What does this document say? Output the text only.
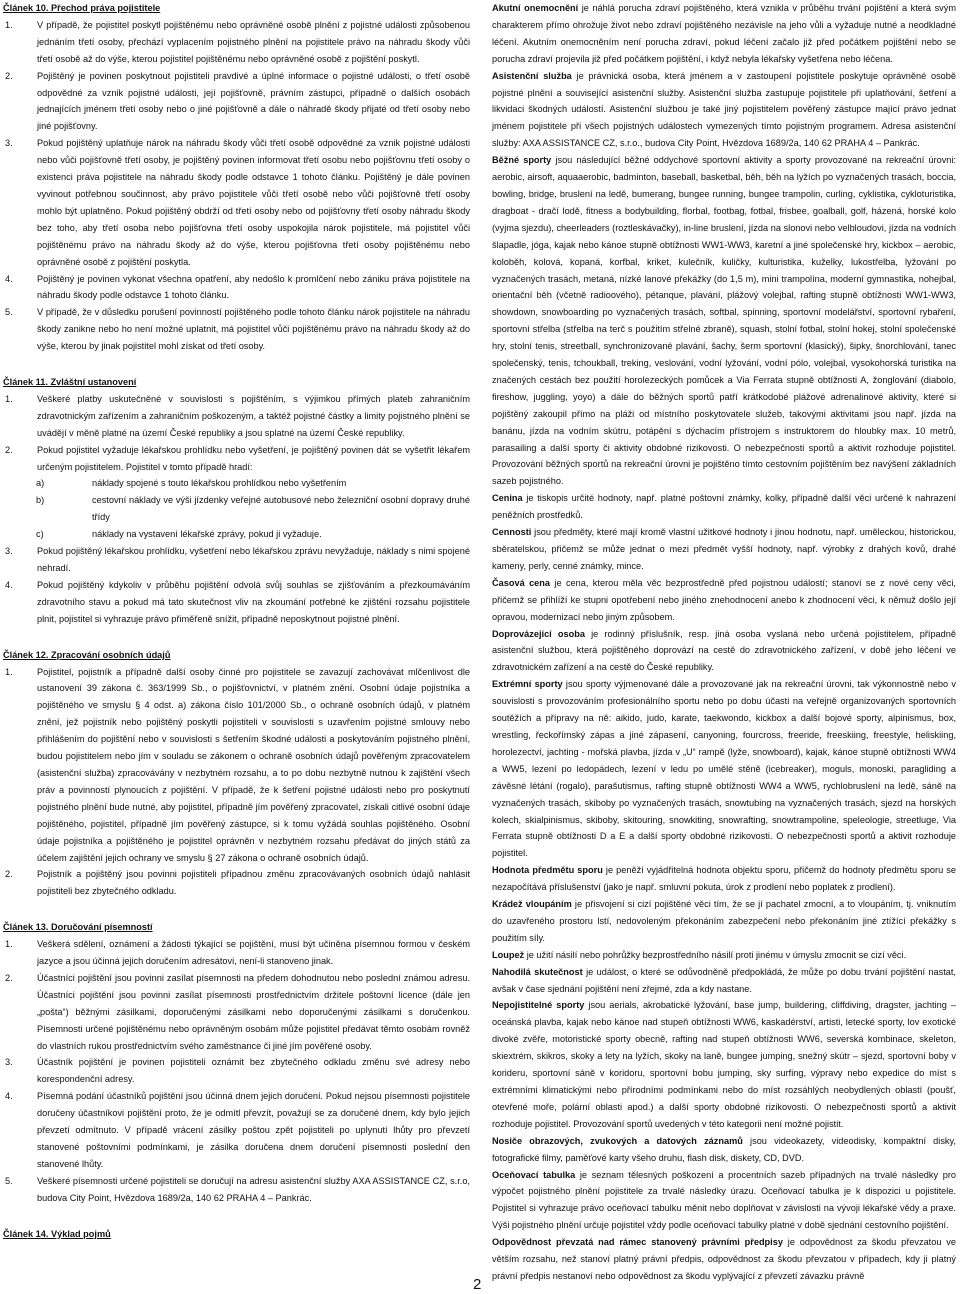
Článek 10. Přechod práva pojistitele
1.	V případě, že pojistitel poskytl pojištěnému nebo oprávněné osobě plnění z pojistné události způsobenou jednáním třetí osoby, přechází vyplacením pojistného plnění na pojistitele právo na náhradu škody vůči třetí osobě až do výše, kterou pojistitel pojištěnému nebo oprávněné osobě z pojištění poskytl.
2.	Pojištěný je povinen poskytnout pojistiteli pravdivé a úplné informace o pojistné události, o třetí osobě odpovědné za vznik pojistné události, její pojišťovně, právním zástupci, případně o dalších osobách jednajících jménem třetí osoby nebo o jiné pojišťovně a dále o náhradě škody přijaté od třetí osoby nebo jiné pojišťovny.
3.	Pokud pojištěný uplatňuje nárok na náhradu škody vůči třetí osobě odpovědné za vznik pojistné události nebo vůči pojišťovně třetí osoby, je pojištěný povinen informovat třetí osobu nebo pojišťovnu třetí osoby o existenci práva pojistitele na náhradu škody podle odstavce 1 tohoto článku. Pojištěný je dále povinen vyvinout potřebnou součinnost, aby právo pojistitele vůči třetí osobě nebo vůči pojišťovně třetí osoby mohlo být uplatněno. Pokud pojištěný obdrží od třetí osoby nebo od pojišťovny třetí osoby náhradu škody bez toho, aby třetí osoba nebo pojišťovna třetí osoby uspokojila nárok pojistitele, má pojistitel vůči pojištěnému právo na náhradu škody až do výše, kterou pojišťovna třetí osoby pojištěnému nebo oprávněné osobě z pojištění poskytla.
4.	Pojištěný je povinen vykonat všechna opatření, aby nedošlo k promlčení nebo zániku práva pojistitele na náhradu škody podle odstavce 1 tohoto článku.
5.	V případě, že v důsledku porušení povinností pojištěného podle tohoto článku nárok pojistitele na náhradu škody zanikne nebo ho není možné uplatnit, má pojistitel vůči pojištěnému právo na náhradu škody až do výše, kterou by jinak pojistitel mohl získat od třetí osoby.
Článek 11. Zvláštní ustanovení
1.	Veškeré platby uskutečněné v souvislosti s pojištěním, s výjimkou přímých plateb zahraničním zdravotnickým zařízením a zahraničním poškozeným, a taktéž pojistné částky a limity pojistného plnění se uvádějí v měně platné na území České republiky a jsou splatné na území České republiky.
2.	Pokud pojistitel vyžaduje lékařskou prohlídku nebo vyšetření, je pojištěný povinen dát se vyšetřit lékařem určeným pojistitelem. Pojistitel v tomto případě hradí:
a)	náklady spojené s touto lékařskou prohlídkou nebo vyšetřením
b)	cestovní náklady ve výši jízdenky veřejné autobusové nebo železniční osobní dopravy druhé třídy
c)	náklady na vystavení lékařské zprávy, pokud ji vyžaduje.
3.	Pokud pojištěný lékařskou prohlídku, vyšetření nebo lékařskou zprávu nevyžaduje, náklady s nimi spojené nehradí.
4.	Pokud pojištěný kdykoliv v průběhu pojištění odvolá svůj souhlas se zjišťováním a přezkoumáváním zdravotního stavu a pokud má tato skutečnost vliv na zkoumání potřebné ke zjištění rozsahu pojistitele plnit, pojistitel si vyhrazuje právo přiměřeně snížit, případně neposkytnout pojistné plnění.
Článek 12. Zpracování osobních údajů
1.	Pojistitel, pojistník a případně další osoby činné pro pojistitele se zavazují zachovávat mlčenlivost dle ustanovení 39 zákona č. 363/1999 Sb., o pojišťovnictví, v platném znění. Osobní údaje pojistníka a pojištěného ve smyslu § 4 odst. a) zákona číslo 101/2000 Sb., o ochraně osobních údajů, v platném znění, jež pojistník nebo pojištěný poskytli pojistiteli v souvislosti s uzavřením pojistné smlouvy nebo přihlášením do pojištění nebo v souvislosti s šetřením škodné události a poskytováním pojistného plnění, budou pojistitelem nebo jím v souladu se zákonem o ochraně osobních údajů pověřeným zpracovatelem (asistenční služba) zpracovávány v nezbytném rozsahu, a to po dobu nezbytně nutnou k zajištění všech práv a povinností plynoucích z pojištění. V případě, že k šetření pojistné události nebo pro poskytnutí pojistného plnění bude nutné, aby pojistitel, případně jím pověřený zpracovatel, získali citlivé osobní údaje pojištěného, pojistitel, případně jím pověřený zástupce, si k tomu vyžádá souhlas pojištěného. Osobní údaje pojistníka a pojištěného je pojistitel oprávněn v nezbytném rozsahu předávat do jiných států za účelem zajištění jejich ochrany ve smyslu § 27 zákona o ochraně osobních údajů.
2.	Pojistník a pojištěný jsou povinni pojistiteli případnou změnu zpracovávaných osobních údajů nahlásit pojistiteli bez zbytečného odkladu.
Článek 13. Doručování písemností
1.	Veškerá sdělení, oznámení a žádosti týkající se pojištění, musí být učiněna písemnou formou v českém jazyce a jsou účinná jejich doručením adresátovi, není-li stanoveno jinak.
2.	Účastníci pojištění jsou povinni zasílat písemnosti na předem dohodnutou nebo poslední známou adresu. Účastníci pojištění jsou povinni zasílat písemnosti prostřednictvím držitele poštovní licence (dále jen „pošta“) běžnými zásilkami, doporučenými zásilkami nebo doporučenými zásilkami s doručenkou. Písemnosti určené pojištěnému nebo oprávněným osobám může pojistitel předávat těmto osobám rovněž do vlastních rukou prostřednictvím svého zaměstnance či jiné jím pověřené osoby.
3.	Účastník pojištění je povinen pojistiteli oznámit bez zbytečného odkladu změnu své adresy nebo korespondenční adresy.
4.	Písemná podání účastníků pojištění jsou účinná dnem jejich doručení. Pokud nejsou písemnosti pojistitele doručeny účastníkovi pojištění proto, že je odmítl převzít, považují se za doručené dnem, kdy bylo jejich převzetí odmítnuto. V případě vrácení zásilky poštou zpět pojistiteli po uplynutí lhůty pro převzetí stanovené poštovními podmínkami, je zásilka doručena dnem doručení písemnosti poslední den stanovené lhůty.
5.	Veškeré písemnosti určené pojistiteli se doručují na adresu asistenční služby AXA ASSISTANCE CZ, s.r.o, budova City Point, Hvězdova 1689/2a, 140 62 PRAHA 4 – Pankrác.
Článek 14. Výklad pojmů
Akutní onemocnění je náhlá porucha zdraví pojištěného, která vznikla v průběhu trvání pojištění a která svým charakterem přímo ohrožuje život nebo zdraví pojištěného nezávisle na jeho vůli a vyžaduje nutné a neodkladné léčení. Akutním onemocněním není porucha zdraví, pokud léčení začalo již před počátkem pojištění nebo se porucha zdraví projevila již před počátkem pojištění, i když nebyla lékařsky vyšetřena nebo léčena.
Asistenční služba je právnická osoba, která jménem a v zastoupení pojistitele poskytuje oprávněné osobě pojistné plnění a související asistenční služby. Asistenční služba zastupuje pojistitele při uplatňování, šetření a likvidaci škodných událostí. Asistenční službou je také jiný pojistitelem pověřený zástupce mající právo jednat jménem pojistitele při všech pojistných událostech vymezených tímto pojistným programem. Adresa asistenční služby: AXA ASSISTANCE CZ, s.r.o., budova City Point, Hvězdova 1689/2a, 140 62 PRAHA 4 – Pankrác.
Běžné sporty jsou následující běžné oddychové sportovní aktivity a sporty provozované na rekreační úrovni: aerobic, airsoft, aquaaerobic, badminton, baseball, basketbal, běh, běh na lyžích po vyznačených trasách, boccia, bowling, bridge, bruslení na ledě, bumerang, bungee running, bungee trampolin, curling, cyklistika, cykloturistika, dragboat - dračí lodě, fitness a bodybuilding, florbal, footbag, fotbal, frisbee, goalball, golf, házená, horské kolo (vyjma sjezdu), cheerleaders (roztleskávačky), in-line bruslení, jízda na slonovi nebo velbloudovi, jízda na vodních šlapadle, jóga, kajak nebo kánoe stupně obtížnosti WW1-WW3, karetní a jiné společenské hry, kickbox – aerobic, koloběh, kolová, kopaná, korfbal, kriket, kulečník, kuličky, kulturistika, kuželky, lukostřelba, lyžování po vyznačených trasách, metaná, nízké lanové překážky (do 1,5 m), mini trampolína, moderní gymnastika, nohejbal, orientační běh (včetně radioového), pétanque, plavání, plážový volejbal, rafting stupně obtížnosti WW1-WW3, showdown, snowboarding po vyznačených trasách, softbal, spinning, sportovní modelářství, sportovní rybaření, sportovní střelba (střelba na terč s použitím střelné zbraně), squash, stolní fotbal, stolní hokej, stolní společenské hry, stolní tenis, streetball, synchronizované plavání, šachy, šerm sportovní (klasický), šipky, šnorchlování, tanec společenský, tenis, tchoukball, treking, veslování, vodní lyžování, vodní pólo, volejbal, vysokohorská turistika na značených cestách bez použití horolezeckých pomůcek a Via Ferrata stupně obtížnosti A, žonglování (diabolo, fireshow, juggling, yoyo) a dále do běžných sportů patří krátkodobé plážové adrenalinové aktivity, které si pojištěný zakoupil přímo na pláži od místního poskytovatele služeb, takovými aktivitami jsou např. jízda na banánu, jízda na vodním skútru, potápění s dýchacím přístrojem s instruktorem do hloubky max. 10 metrů, parasailing a další sporty či aktivity obdobné rizikovosti. O nebezpečnosti sportů a aktivit rozhoduje pojistitel. Provozování běžných sportů na rekreační úrovni je pojištěno tímto cestovním pojištěním bez navýšení základních sazeb pojistného.
Cenina je tiskopis určité hodnoty, např. platné poštovní známky, kolky, případně další věci určené k nahrazení peněžních prostředků.
Cennosti jsou předměty, které mají kromě vlastní užitkové hodnoty i jinou hodnotu, např. uměleckou, historickou, sběratelskou, přičemž se může jednat o mezi předmět vyšší hodnoty, např. výrobky z drahých kovů, drahé kameny, perly, cenné známky, mince.
Časová cena je cena, kterou měla věc bezprostředně před pojistnou událostí; stanoví se z nové ceny věci, přičemž se přihlíží ke stupni opotřebení nebo jiného znehodnocení anebo k zhodnocení věci, k němuž došlo její opravou, modernizací nebo jiným způsobem.
Doprovázející osoba je rodinný příslušník, resp. jiná osoba vyslaná nebo určená pojistitelem, případně asistenční službou, která pojištěného doprovází na cestě do zdravotnického zařízení, v době jeho léčení ve zdravotnickém zařízení a na cestě do České republiky.
Extrémní sporty jsou sporty výjmenované dále a provozované jak na rekreační úrovni, tak výkonnostně nebo v souvislosti s provozováním profesionálního sportu nebo po dobu účasti na veřejně organizovaných sportovních soutěžích a přípravy na ně: aikido, judo, karate, taekwondo, kickbox a další bojové sporty, alpinismus, box, wrestling, řeckořímský zápas a jiné zápasení, canyoning, fourcross, freeride, freeskiing, freestyle, heliskiing, horolezectví, jachting - mořská plavba, jízda v „U“ rampě (lyže, snowboard), kajak, kánoe stupně obtížnosti WW4 a WW5, lezení po ledopádech, lezení v ledu po umělé stěně (icebreaker), moguls, monoski, paragliding a závěsné létání (rogalo), parašutismus, rafting stupně obtížnosti WW4 a WW5, rychlobruslení na ledě, sáně na vyznačených trasách, skiboby po vyznačených trasách, snowtubing na vyznačených trasách, sjezd na horských kolech, skialpinismus, skiboby, skitouring, snowkiting, snowrafting, snowtrampoline, speleologie, streetluge, Via Ferrata stupně obtížnosti D a E a další sporty obdobné rizikovosti. O nebezpečnosti sportů a aktivit rozhoduje pojistitel.
Hodnota předmětu sporu je peněží vyjádřitelná hodnota objektu sporu, přičemž do hodnoty předmětu sporu se nezapočítává příslušenství (jako je např. smluvní pokuta, úrok z prodlení nebo poplatek z prodlení).
Krádež vloupáním je přisvojení si cizí pojištěné věci tím, že se jí pachatel zmocní, a to vloupáním, tj. vniknutím do uzavřeného prostoru lstí, nedovoleným překonáním zabezpečení nebo překonáním jiné ztížící překážky s použitím síly.
Loupež je užití násilí nebo pohrůžky bezprostředního násilí proti jinému v úmyslu zmocnit se cizí věci.
Nahodilá skutečnost je událost, o které se odůvodněně předpokládá, že může po dobu trvání pojištění nastat, avšak v čase sjednání pojištění není zřejmé, zda a kdy nastane.
Nepojistitelné sporty jsou aerials, akrobatické lyžování, base jump, buildering, cliffdiving, dragster, jachting – oceánská plavba, kajak nebo kánoe nad stupeň obtížnosti WW6, kaskadérství, artisti, letecké sporty, lov exotické divoké zvěře, motoristické sporty obecně, rafting nad stupeň obtížnosti WW6, severská kombinace, skeleton, skiextrém, skikros, skoky a lety na lyžích, skoky na laně, bungee jumping, snežný skútr – sjezd, sportovní boby v korideru, sportovní sáně v koridoru, sportovní bobu jumping, sky surfing, výpravy nebo expedice do míst s extrémními klimatickými nebo přírodními podmínkami nebo do míst rozsáhlých neobydlených oblastí (poušť, otevřené moře, polární oblasti apod.) a další sporty obdobné rizikovosti. O nebezpečnosti sportů a aktivit rozhoduje pojistitel. Provozování sportů uvedených v této kategorii není možné pojistit.
Nosiče obrazových, zvukových a datových záznamů jsou videokazety, videodisky, kompaktní disky, fotografické filmy, paměťové karty všeho druhu, flash disk, diskety, CD, DVD.
Oceňovací tabulka je seznam tělesných poškození a procentních sazeb případných na trvalé následky pro výpočet pojistného plnění pojistitele za trvalé následky úrazu. Oceňovací tabulka je k dispozici u pojistitele. Pojistitel si vyhrazuje právo oceňovací tabulku měnit nebo doplňovat v závislosti na vývoji lékařské vědy a praxe. Výši pojistného plnění určuje pojistitel vždy podle oceňovací tabulky platné v době sjednání cestovního pojištění.
Odpovědnost převzatá nad rámec stanovený právními předpisy je odpovědnost za škodu převzatou ve větším rozsahu, než stanoví platný právní předpis, odpovědnost za škodu převzatou v případech, kdy ji platný právní předpis nestanoví nebo odpovědnost za škodu vyplývající z převzetí závazku právně
2
